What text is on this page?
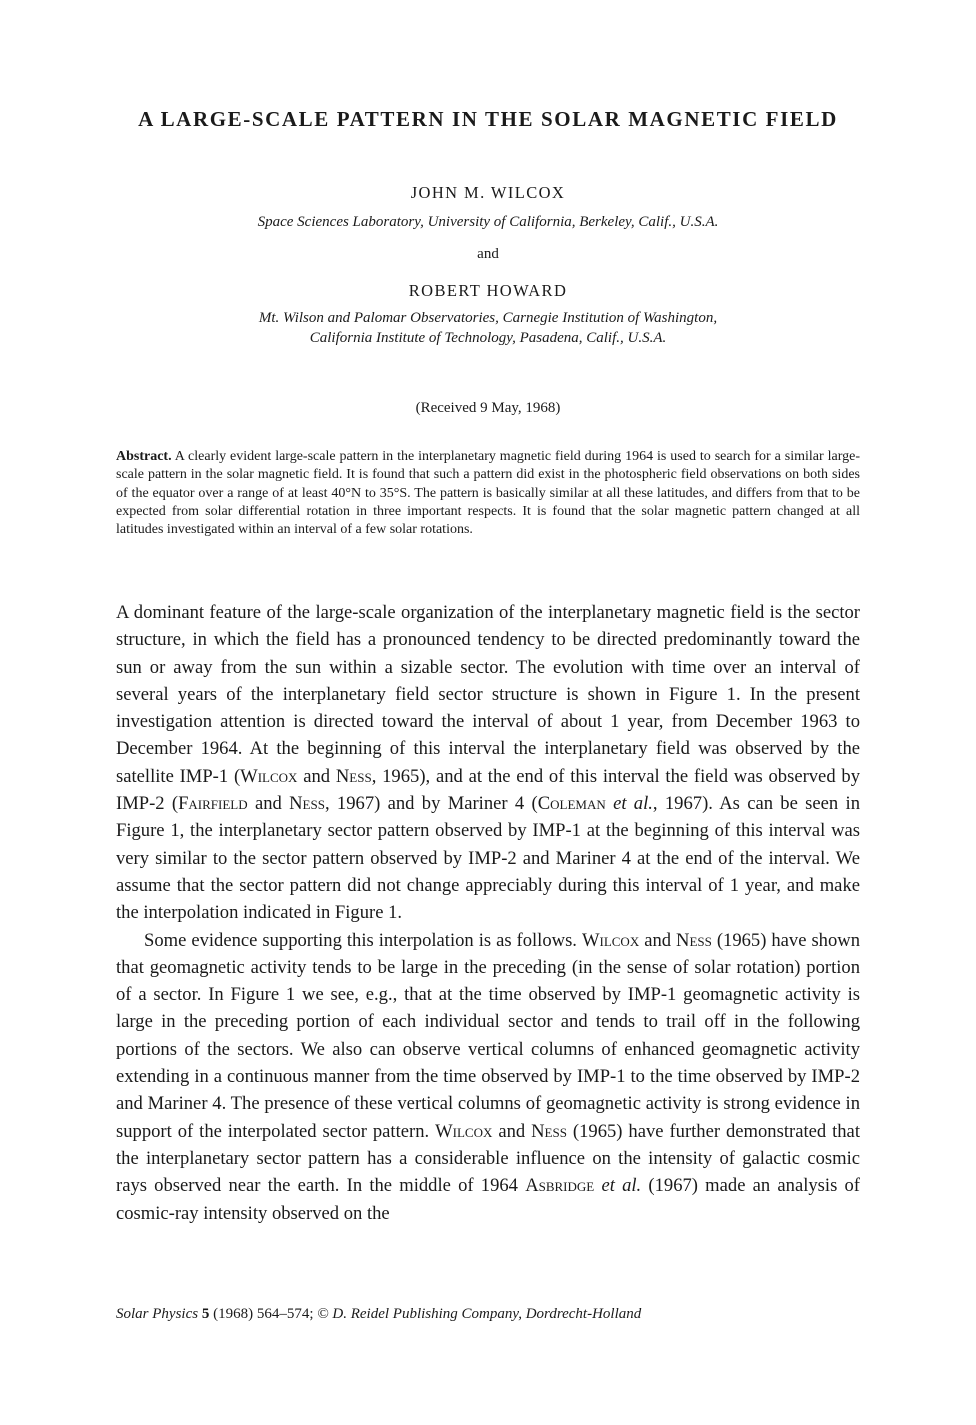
A LARGE-SCALE PATTERN IN THE SOLAR MAGNETIC FIELD
JOHN M. WILCOX
Space Sciences Laboratory, University of California, Berkeley, Calif., U.S.A.
and
ROBERT HOWARD
Mt. Wilson and Palomar Observatories, Carnegie Institution of Washington,
California Institute of Technology, Pasadena, Calif., U.S.A.
(Received 9 May, 1968)
Abstract. A clearly evident large-scale pattern in the interplanetary magnetic field during 1964 is used to search for a similar large-scale pattern in the solar magnetic field. It is found that such a pattern did exist in the photospheric field observations on both sides of the equator over a range of at least 40°N to 35°S. The pattern is basically similar at all these latitudes, and differs from that to be expected from solar differential rotation in three important respects. It is found that the solar magnetic pattern changed at all latitudes investigated within an interval of a few solar rotations.

A dominant feature of the large-scale organization of the interplanetary magnetic field is the sector structure, in which the field has a pronounced tendency to be directed predominantly toward the sun or away from the sun within a sizable sector. The evolution with time over an interval of several years of the interplanetary field sector structure is shown in Figure 1. In the present investigation attention is directed toward the interval of about 1 year, from December 1963 to December 1964. At the beginning of this interval the interplanetary field was observed by the satellite IMP-1 (Wilcox and Ness, 1965), and at the end of this interval the field was observed by IMP-2 (Fairfield and Ness, 1967) and by Mariner 4 (Coleman et al., 1967). As can be seen in Figure 1, the interplanetary sector pattern observed by IMP-1 at the beginning of this interval was very similar to the sector pattern observed by IMP-2 and Mariner 4 at the end of the interval. We assume that the sector pattern did not change appreciably during this interval of 1 year, and make the interpolation indicated in Figure 1.

Some evidence supporting this interpolation is as follows. Wilcox and Ness (1965) have shown that geomagnetic activity tends to be large in the preceding (in the sense of solar rotation) portion of a sector. In Figure 1 we see, e.g., that at the time observed by IMP-1 geomagnetic activity is large in the preceding portion of each individual sector and tends to trail off in the following portions of the sectors. We also can observe vertical columns of enhanced geomagnetic activity extending in a continuous manner from the time observed by IMP-1 to the time observed by IMP-2 and Mariner 4. The presence of these vertical columns of geomagnetic activity is strong evidence in support of the interpolated sector pattern. Wilcox and Ness (1965) have further demonstrated that the interplanetary sector pattern has a considerable influence on the intensity of galactic cosmic rays observed near the earth. In the middle of 1964 Asbridge et al. (1967) made an analysis of cosmic-ray intensity observed on the

Solar Physics 5 (1968) 564–574; © D. Reidel Publishing Company, Dordrecht-Holland
